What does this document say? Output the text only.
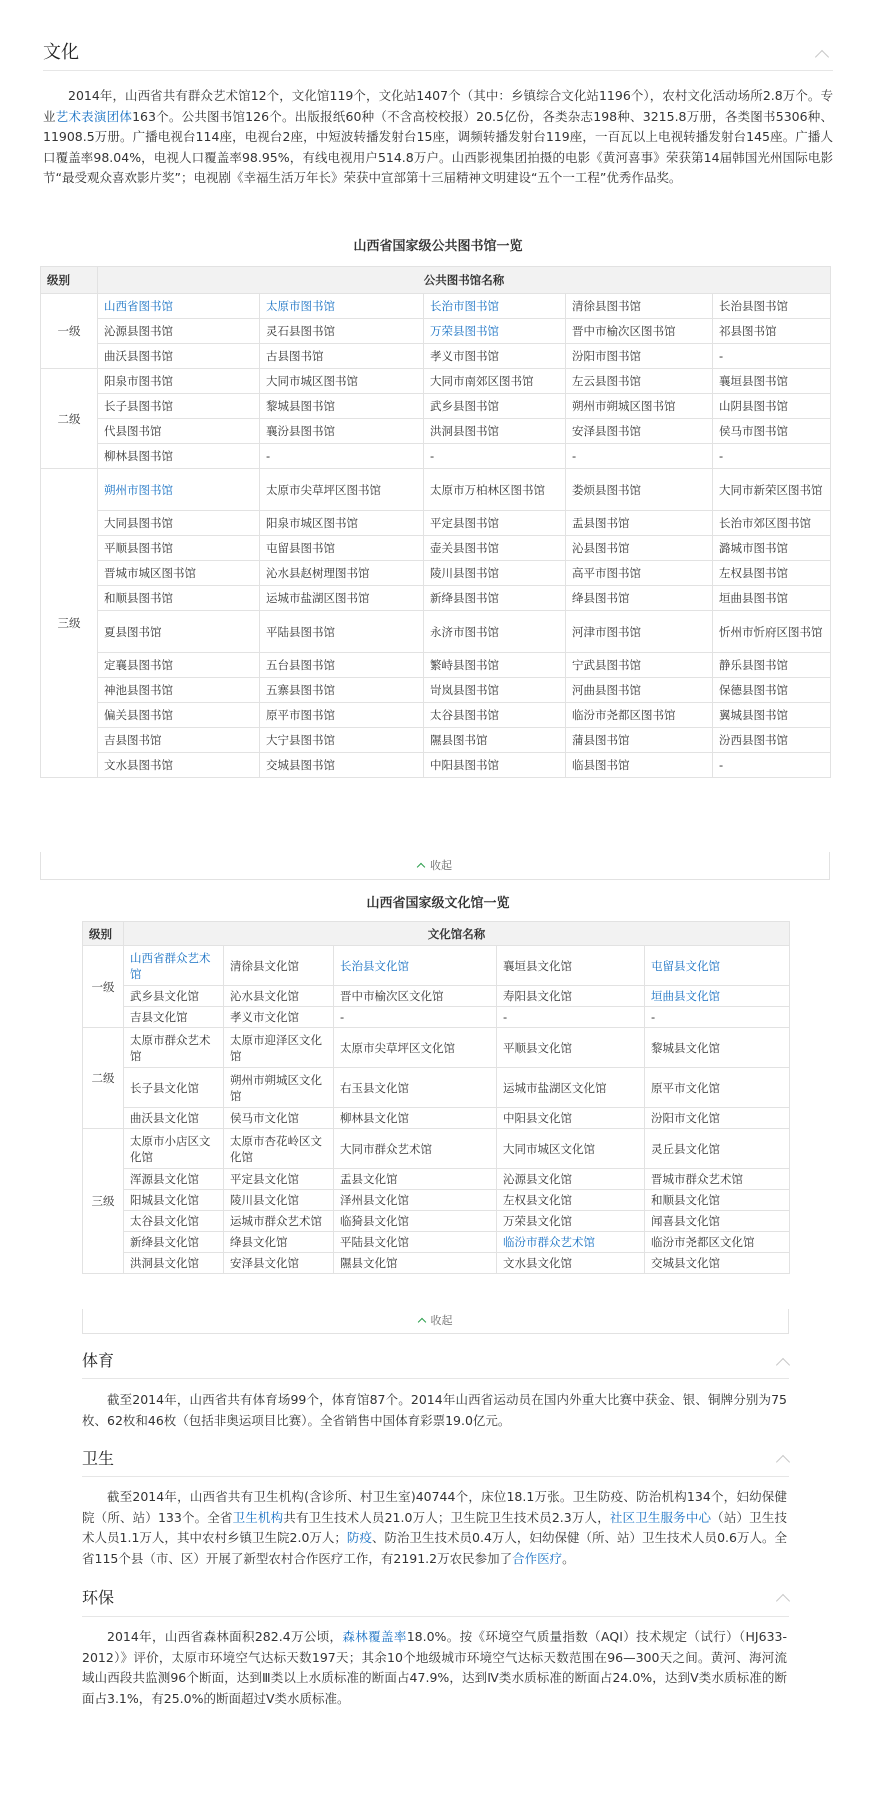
文化

2014年，山西省共有群众艺术馆12个，文化馆119个，文化站1407个（其中：乡镇综合文化站1196个），农村文化活动场所2.8万个。专业艺术表演团体163个。公共图书馆126个。出版报纸60种（不含高校校报）20.5亿份，各类杂志198种、3215.8万册，各类图书5306种、11908.5万册。广播电视台114座，电视台2座，中短波转播发射台15座，调频转播发射台119座，一百瓦以上电视转播发射台145座。广播人口覆盖率98.04%，电视人口覆盖率98.95%，有线电视用户514.8万户。山西影视集团拍摄的电影《黄河喜事》荣获第14届韩国光州国际电影节“最受观众喜欢影片奖”；电视剧《幸福生活万年长》荣获中宣部第十三届精神文明建设“五个一工程”优秀作品奖。

山西省国家级公共图书馆一览
级别	公共图书馆名称				
一级	山西省图书馆	太原市图书馆	长治市图书馆	清徐县图书馆	长治县图书馆
	沁源县图书馆	灵石县图书馆	万荣县图书馆	晋中市榆次区图书馆	祁县图书馆
	曲沃县图书馆	古县图书馆	孝义市图书馆	汾阳市图书馆	-
二级	阳泉市图书馆	大同市城区图书馆	大同市南郊区图书馆	左云县图书馆	襄垣县图书馆
	长子县图书馆	黎城县图书馆	武乡县图书馆	朔州市朔城区图书馆	山阴县图书馆
	代县图书馆	襄汾县图书馆	洪洞县图书馆	安泽县图书馆	侯马市图书馆
	柳林县图书馆	-	-	-	-
三级	朔州市图书馆	太原市尖草坪区图书馆	太原市万柏林区图书馆	娄烦县图书馆	大同市新荣区图书馆
	大同县图书馆	阳泉市城区图书馆	平定县图书馆	盂县图书馆	长治市郊区图书馆
	平顺县图书馆	屯留县图书馆	壶关县图书馆	沁县图书馆	潞城市图书馆
	晋城市城区图书馆	沁水县赵树理图书馆	陵川县图书馆	高平市图书馆	左权县图书馆
	和顺县图书馆	运城市盐湖区图书馆	新绛县图书馆	绛县图书馆	垣曲县图书馆
	夏县图书馆	平陆县图书馆	永济市图书馆	河津市图书馆	忻州市忻府区图书馆
	定襄县图书馆	五台县图书馆	繁峙县图书馆	宁武县图书馆	静乐县图书馆
	神池县图书馆	五寨县图书馆	岢岚县图书馆	河曲县图书馆	保德县图书馆
	偏关县图书馆	原平市图书馆	太谷县图书馆	临汾市尧都区图书馆	翼城县图书馆
	吉县图书馆	大宁县图书馆	隰县图书馆	蒲县图书馆	汾西县图书馆
	文水县图书馆	交城县图书馆	中阳县图书馆	临县图书馆	-
收起
山西省国家级文化馆一览
级别	文化馆名称				
一级	山西省群众艺术馆	清徐县文化馆	长治县文化馆	襄垣县文化馆	屯留县文化馆
	武乡县文化馆	沁水县文化馆	晋中市榆次区文化馆	寿阳县文化馆	垣曲县文化馆
	吉县文化馆	孝义市文化馆	-	-	-
二级	太原市群众艺术馆	太原市迎泽区文化馆	太原市尖草坪区文化馆	平顺县文化馆	黎城县文化馆
	长子县文化馆	朔州市朔城区文化馆	右玉县文化馆	运城市盐湖区文化馆	原平市文化馆
	曲沃县文化馆	侯马市文化馆	柳林县文化馆	中阳县文化馆	汾阳市文化馆
三级	太原市小店区文化馆	太原市杏花岭区文化馆	大同市群众艺术馆	大同市城区文化馆	灵丘县文化馆
	浑源县文化馆	平定县文化馆	盂县文化馆	沁源县文化馆	晋城市群众艺术馆
	阳城县文化馆	陵川县文化馆	泽州县文化馆	左权县文化馆	和顺县文化馆
	太谷县文化馆	运城市群众艺术馆	临猗县文化馆	万荣县文化馆	闻喜县文化馆
	新绛县文化馆	绛县文化馆	平陆县文化馆	临汾市群众艺术馆	临汾市尧都区文化馆
	洪洞县文化馆	安泽县文化馆	隰县文化馆	文水县文化馆	交城县文化馆
收起
体育

截至2014年，山西省共有体育场99个，体育馆87个。2014年山西省运动员在国内外重大比赛中获金、银、铜牌分别为75枚、62枚和46枚（包括非奥运项目比赛）。全省销售中国体育彩票19.0亿元。

卫生

截至2014年，山西省共有卫生机构(含诊所、村卫生室)40744个，床位18.1万张。卫生防疫、防治机构134个，妇幼保健院（所、站）133个。全省卫生机构共有卫生技术人员21.0万人；卫生院卫生技术员2.3万人，社区卫生服务中心（站）卫生技术人员1.1万人，其中农村乡镇卫生院2.0万人；防疫、防治卫生技术员0.4万人，妇幼保健（所、站）卫生技术人员0.6万人。全省115个县（市、区）开展了新型农村合作医疗工作，有2191.2万农民参加了合作医疗。

环保

2014年，山西省森林面积282.4万公顷，森林覆盖率18.0%。按《环境空气质量指数（AQI）技术规定（试行）（HJ633-2012）》评价，太原市环境空气达标天数197天；其余10个地级城市环境空气达标天数范围在96—300天之间。黄河、海河流域山西段共监测96个断面，达到Ⅲ类以上水质标准的断面占47.9%，达到Ⅳ类水质标准的断面占24.0%，达到Ⅴ类水质标准的断面占3.1%，有25.0%的断面超过Ⅴ类水质标准。
